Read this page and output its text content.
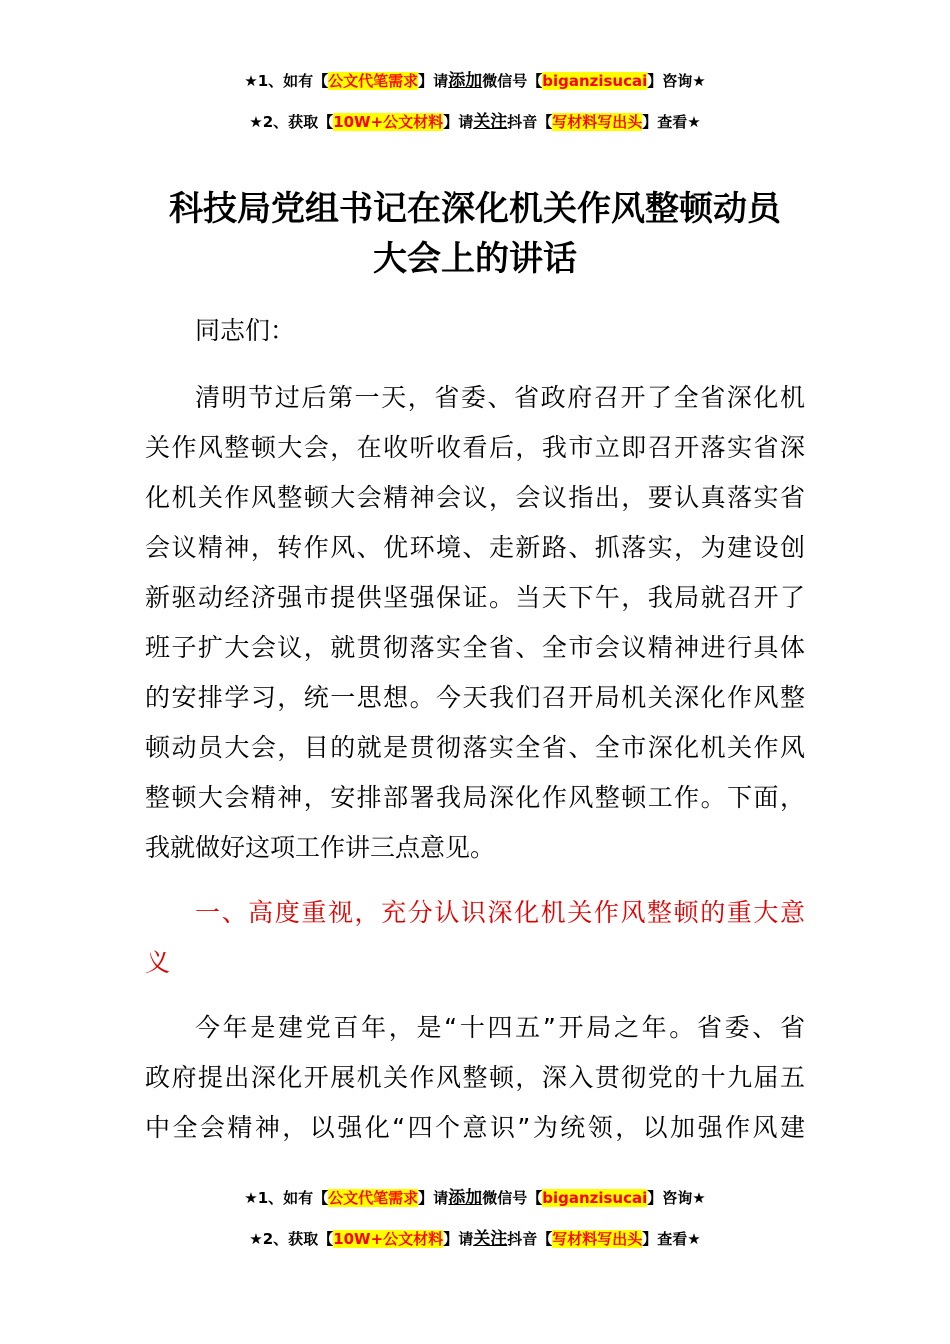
★1、如有【公文代笔需求】请添加微信号【biganzisucai】咨询★
★2、获取【10W+公文材料】请关注抖音【写材料写出头】查看★
科技局党组书记在深化机关作风整顿动员
大会上的讲话
同志们：
清明节过后第一天，省委、省政府召开了全省深化机
关作风整顿大会，在收听收看后，我市立即召开落实省深
化机关作风整顿大会精神会议，会议指出，要认真落实省
会议精神，转作风、优环境、走新路、抓落实，为建设创
新驱动经济强市提供坚强保证。当天下午，我局就召开了
班子扩大会议，就贯彻落实全省、全市会议精神进行具体
的安排学习，统一思想。今天我们召开局机关深化作风整
顿动员大会，目的就是贯彻落实全省、全市深化机关作风
整顿大会精神，安排部署我局深化作风整顿工作。下面，
我就做好这项工作讲三点意见。
一、高度重视，充分认识深化机关作风整顿的重大意
义
今年是建党百年，是“十四五”开局之年。省委、省
政府提出深化开展机关作风整顿，深入贯彻党的十九届五
中全会精神，以强化“四个意识”为统领，以加强作风建
★1、如有【公文代笔需求】请添加微信号【biganzisucai】咨询★
★2、获取【10W+公文材料】请关注抖音【写材料写出头】查看★
